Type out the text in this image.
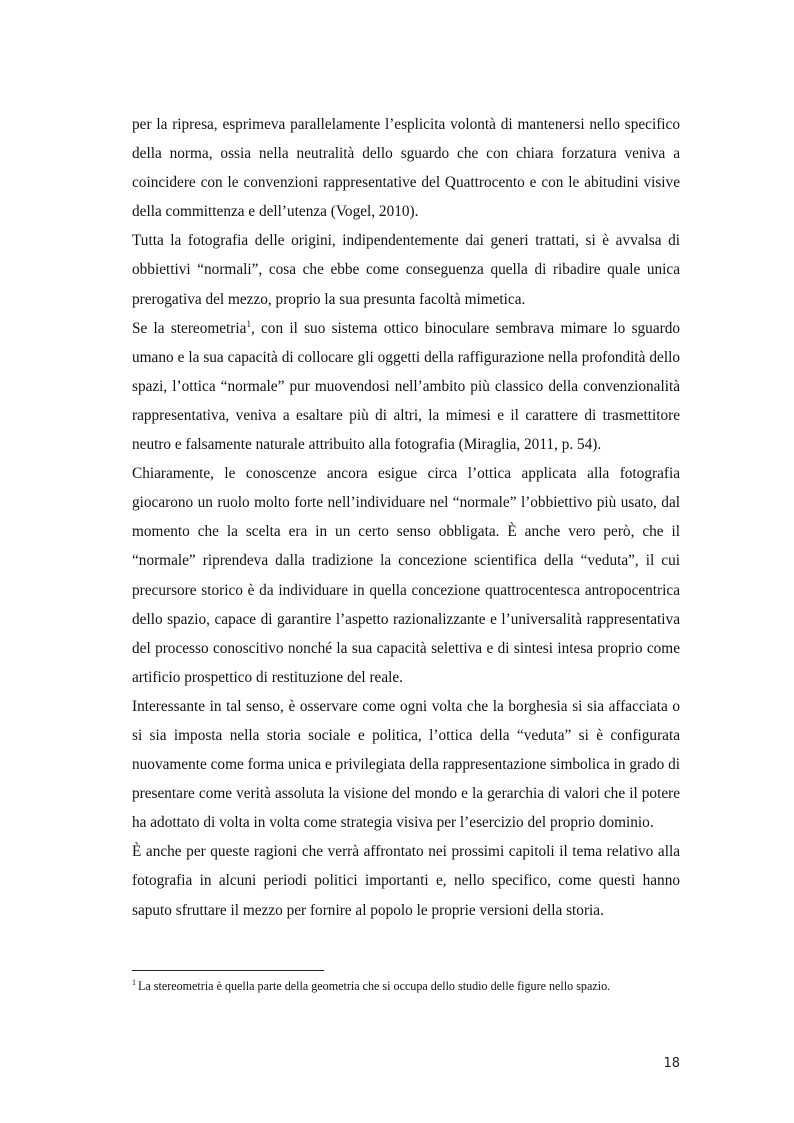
per la ripresa, esprimeva parallelamente l’esplicita volontà di mantenersi nello specifico della norma, ossia nella neutralità dello sguardo che con chiara forzatura veniva a coincidere con le convenzioni rappresentative del Quattrocento e con le abitudini visive della committenza e dell’utenza (Vogel, 2010).

Tutta la fotografia delle origini, indipendentemente dai generi trattati, si è avvalsa di obbiettivi “normali”, cosa che ebbe come conseguenza quella di ribadire quale unica prerogativa del mezzo, proprio la sua presunta facoltà mimetica.

Se la stereometria$^1$, con il suo sistema ottico binoculare sembrava mimare lo sguardo umano e la sua capacità di collocare gli oggetti della raffigurazione nella profondità dello spazi, l’ottica “normale” pur muovendosi nell’ambito più classico della convenzionalità rappresentativa, veniva a esaltare più di altri, la mimesi e il carattere di trasmettitore neutro e falsamente naturale attribuito alla fotografia (Miraglia, 2011, p. 54).

Chiaramente, le conoscenze ancora esigue circa l’ottica applicata alla fotografia giocarono un ruolo molto forte nell’individuare nel “normale” l’obbiettivo più usato, dal momento che la scelta era in un certo senso obbligata. È anche vero però, che il “normale” riprendeva dalla tradizione la concezione scientifica della “veduta”, il cui precursore storico è da individuare in quella concezione quattrocentesca antropocentrica dello spazio, capace di garantire l’aspetto razionalizzante e l’universalità rappresentativa del processo conoscitivo nonché la sua capacità selettiva e di sintesi intesa proprio come artificio prospettico di restituzione del reale.

Interessante in tal senso, è osservare come ogni volta che la borghesia si sia affacciata o si sia imposta nella storia sociale e politica, l’ottica della “veduta” si è configurata nuovamente come forma unica e privilegiata della rappresentazione simbolica in grado di presentare come verità assoluta la visione del mondo e la gerarchia di valori che il potere ha adottato di volta in volta come strategia visiva per l’esercizio del proprio dominio.

È anche per queste ragioni che verrà affrontato nei prossimi capitoli il tema relativo alla fotografia in alcuni periodi politici importanti e, nello specifico, come questi hanno saputo sfruttare il mezzo per fornire al popolo le proprie versioni della storia.

$^1$ La stereometria è quella parte della geometria che si occupa dello studio delle figure nello spazio.
18
